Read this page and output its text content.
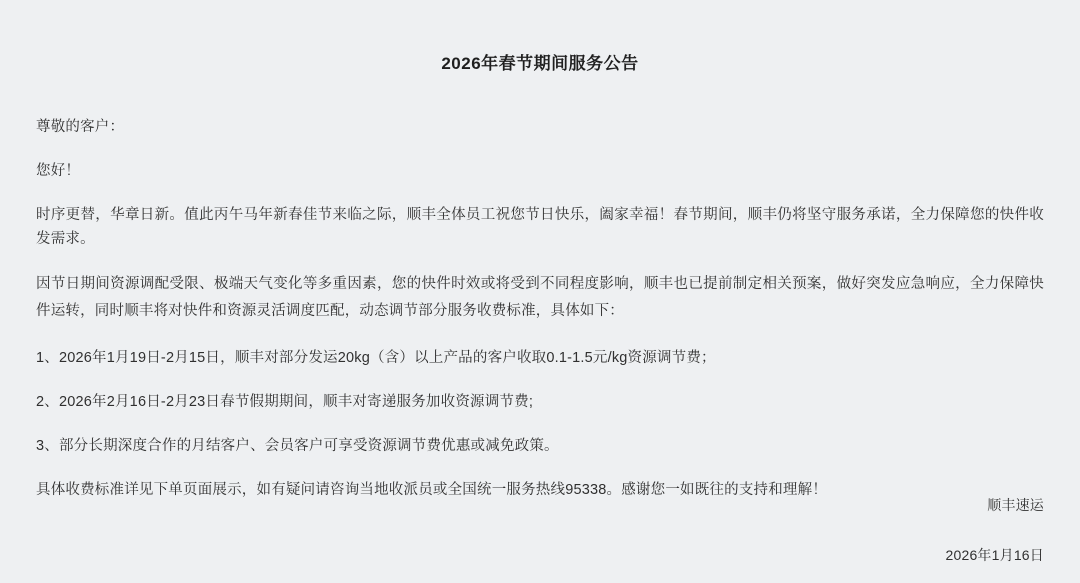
2026年春节期间服务公告

尊敬的客户：

您好！

时序更替，华章日新。值此丙午马年新春佳节来临之际，顺丰全体员工祝您节日快乐，阖家幸福！春节期间，顺丰仍将坚守服务承诺，全力保障您的快件收发需求。

因节日期间资源调配受限、极端天气变化等多重因素，您的快件时效或将受到不同程度影响，顺丰也已提前制定相关预案，做好突发应急响应，全力保障快件运转，同时顺丰将对快件和资源灵活调度匹配，动态调节部分服务收费标准，具体如下：

1、2026年1月19日-2月15日，顺丰对部分发运20kg（含）以上产品的客户收取0.1-1.5元/kg资源调节费；

2、2026年2月16日-2月23日春节假期期间，顺丰对寄递服务加收资源调节费;

3、部分长期深度合作的月结客户、会员客户可享受资源调节费优惠或减免政策。

具体收费标准详见下单页面展示，如有疑问请咨询当地收派员或全国统一服务热线95338。感谢您一如既往的支持和理解！

顺丰速运
2026年1月16日
